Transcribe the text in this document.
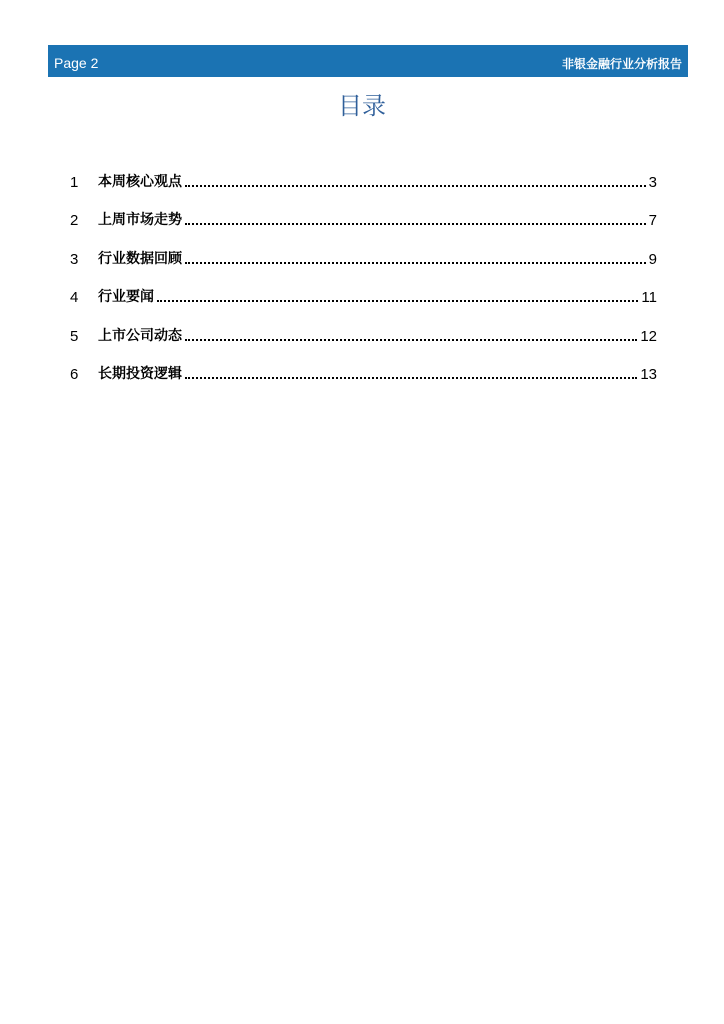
Page 2	非银金融行业分析报告
目录
1	本周核心观点	3
2	上周市场走势	7
3	行业数据回顾	9
4	行业要闻	11
5	上市公司动态	12
6	长期投资逻辑	13
